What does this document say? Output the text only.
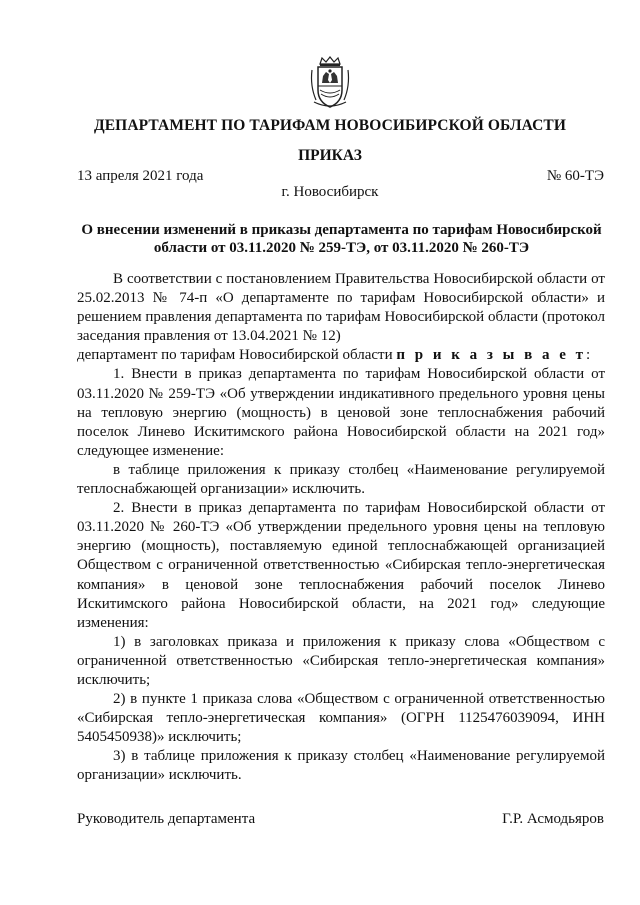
ДЕПАРТАМЕНТ ПО ТАРИФАМ НОВОСИБИРСКОЙ ОБЛАСТИ
ПРИКАЗ
13 апреля 2021 года	№ 60-ТЭ
г. Новосибирск
О внесении изменений в приказы департамента по тарифам Новосибирской области от 03.11.2020 № 259-ТЭ, от 03.11.2020 № 260-ТЭ

В соответствии с постановлением Правительства Новосибирской области от 25.02.2013 № 74-п «О департаменте по тарифам Новосибирской области» и решением правления департамента по тарифам Новосибирской области (протокол заседания правления от 13.04.2021 № 12)

департамент по тарифам Новосибирской области п р и к а з ы в а е т:

1. Внести в приказ департамента по тарифам Новосибирской области от 03.11.2020 № 259-ТЭ «Об утверждении индикативного предельного уровня цены на тепловую энергию (мощность) в ценовой зоне теплоснабжения рабочий поселок Линево Искитимского района Новосибирской области на 2021 год» следующее изменение:

в таблице приложения к приказу столбец «Наименование регулируемой теплоснабжающей организации» исключить.

2. Внести в приказ департамента по тарифам Новосибирской области от 03.11.2020 № 260-ТЭ «Об утверждении предельного уровня цены на тепловую энергию (мощность), поставляемую единой теплоснабжающей организацией Обществом с ограниченной ответственностью «Сибирская тепло-энергетическая компания» в ценовой зоне теплоснабжения рабочий поселок Линево Искитимского района Новосибирской области, на 2021 год» следующие изменения:

1) в заголовках приказа и приложения к приказу слова «Обществом с ограниченной ответственностью «Сибирская тепло-энергетическая компания» исключить;

2) в пункте 1 приказа слова «Обществом с ограниченной ответственностью «Сибирская тепло-энергетическая компания» (ОГРН 1125476039094, ИНН 5405450938)» исключить;

3) в таблице приложения к приказу столбец «Наименование регулируемой организации» исключить.

Руководитель департамента	Г.Р. Асмодьяров
